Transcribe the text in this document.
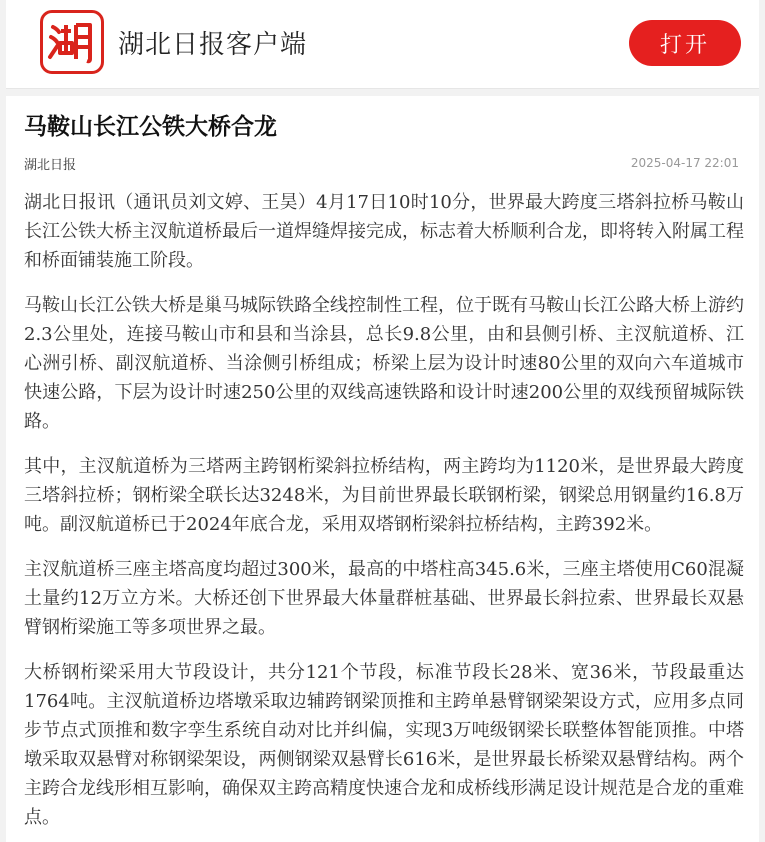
湖北日报客户端	打开
马鞍山长江公铁大桥合龙
湖北日报	2025-04-17 22:01

湖北日报讯（通讯员刘文婷、王昊）4月17日10时10分，世界最大跨度三塔斜拉桥马鞍山长江公铁大桥主汊航道桥最后一道焊缝焊接完成，标志着大桥顺利合龙，即将转入附属工程和桥面铺装施工阶段。

马鞍山长江公铁大桥是巢马城际铁路全线控制性工程，位于既有马鞍山长江公路大桥上游约2.3公里处，连接马鞍山市和县和当涂县，总长9.8公里，由和县侧引桥、主汊航道桥、江心洲引桥、副汊航道桥、当涂侧引桥组成；桥梁上层为设计时速80公里的双向六车道城市快速公路，下层为设计时速250公里的双线高速铁路和设计时速200公里的双线预留城际铁路。

其中，主汊航道桥为三塔两主跨钢桁梁斜拉桥结构，两主跨均为1120米，是世界最大跨度三塔斜拉桥；钢桁梁全联长达3248米，为目前世界最长联钢桁梁，钢梁总用钢量约16.8万吨。副汊航道桥已于2024年底合龙，采用双塔钢桁梁斜拉桥结构，主跨392米。

主汊航道桥三座主塔高度均超过300米，最高的中塔柱高345.6米，三座主塔使用C60混凝土量约12万立方米。大桥还创下世界最大体量群桩基础、世界最长斜拉索、世界最长双悬臂钢桁梁施工等多项世界之最。

大桥钢桁梁采用大节段设计，共分121个节段，标准节段长28米、宽36米，节段最重达1764吨。主汊航道桥边塔墩采取边辅跨钢梁顶推和主跨单悬臂钢梁架设方式，应用多点同步节点式顶推和数字孪生系统自动对比并纠偏，实现3万吨级钢梁长联整体智能顶推。中塔墩采取双悬臂对称钢梁架设，两侧钢梁双悬臂长616米，是世界最长桥梁双悬臂结构。两个主跨合龙线形相互影响，确保双主跨高精度快速合龙和成桥线形满足设计规范是合龙的重难点。
